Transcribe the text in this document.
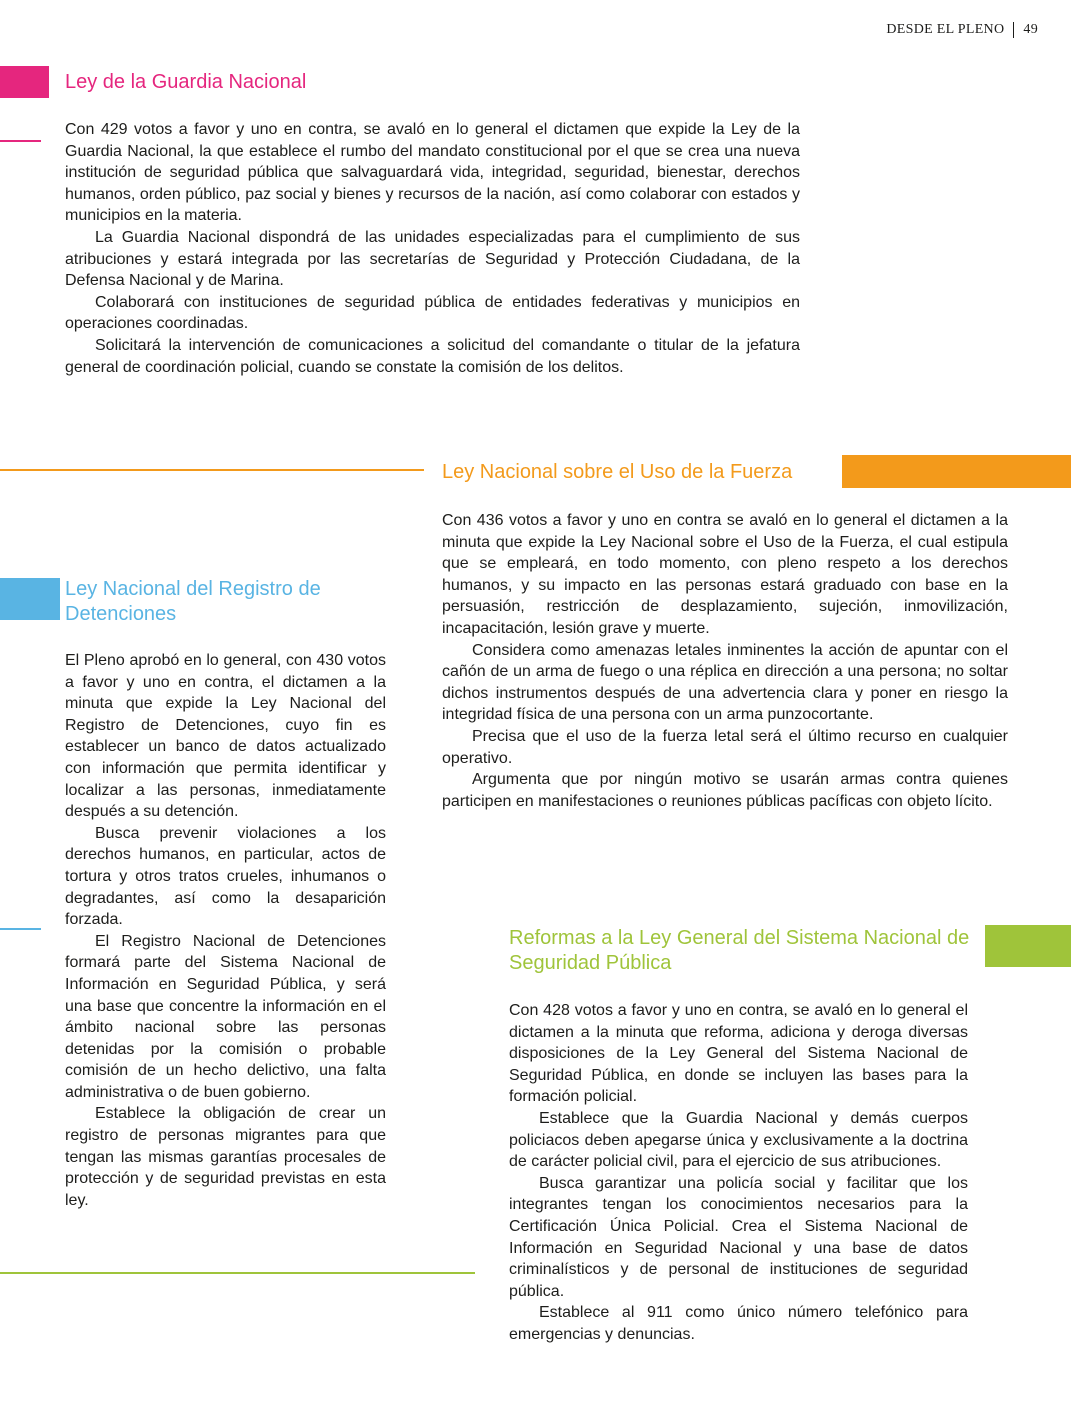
DESDE EL PLENO 49
Ley de la Guardia Nacional

Con 429 votos a favor y uno en contra, se avaló en lo general el dictamen que expide la Ley de la Guardia Nacional, la que establece el rumbo del mandato constitucional por el que se crea una nueva institución de seguridad pública que salvaguardará vida, integridad, seguridad, bienestar, derechos humanos, orden público, paz social y bienes y recursos de la nación, así como colaborar con estados y municipios en la materia.

La Guardia Nacional dispondrá de las unidades especializadas para el cumplimiento de sus atribuciones y estará integrada por las secretarías de Seguridad y Protección Ciudadana, de la Defensa Nacional y de Marina.

Colaborará con instituciones de seguridad pública de entidades federativas y municipios en operaciones coordinadas.

Solicitará la intervención de comunicaciones a solicitud del comandante o titular de la jefatura general de coordinación policial, cuando se constate la comisión de los delitos.

Ley Nacional sobre el Uso de la Fuerza

Con 436 votos a favor y uno en contra se avaló en lo general el dictamen a la minuta que expide la Ley Nacional sobre el Uso de la Fuerza, el cual estipula que se empleará, en todo momento, con pleno respeto a los derechos humanos, y su impacto en las personas estará graduado con base en la persuasión, restricción de desplazamiento, sujeción, inmovilización, incapacitación, lesión grave y muerte.

Considera como amenazas letales inminentes la acción de apuntar con el cañón de un arma de fuego o una réplica en dirección a una persona; no soltar dichos instrumentos después de una advertencia clara y poner en riesgo la integridad física de una persona con un arma punzocortante.

Precisa que el uso de la fuerza letal será el último recurso en cualquier operativo.

Argumenta que por ningún motivo se usarán armas contra quienes participen en manifestaciones o reuniones públicas pacíficas con objeto lícito.

Ley Nacional del Registro de Detenciones

El Pleno aprobó en lo general, con 430 votos a favor y uno en contra, el dictamen a la minuta que expide la Ley Nacional del Registro de Detenciones, cuyo fin es establecer un banco de datos actualizado con información que permita identificar y localizar a las personas, inmediatamente después a su detención.

Busca prevenir violaciones a los derechos humanos, en particular, actos de tortura y otros tratos crueles, inhumanos o degradantes, así como la desaparición forzada.

El Registro Nacional de Detenciones formará parte del Sistema Nacional de Información en Seguridad Pública, y será una base que concentre la información en el ámbito nacional sobre las personas detenidas por la comisión o probable comisión de un hecho delictivo, una falta administrativa o de buen gobierno.

Establece la obligación de crear un registro de personas migrantes para que tengan las mismas garantías procesales de protección y de seguridad previstas en esta ley.

Reformas a la Ley General del Sistema Nacional de Seguridad Pública

Con 428 votos a favor y uno en contra, se avaló en lo general el dictamen a la minuta que reforma, adiciona y deroga diversas disposiciones de la Ley General del Sistema Nacional de Seguridad Pública, en donde se incluyen las bases para la formación policial.

Establece que la Guardia Nacional y demás cuerpos policiacos deben apegarse única y exclusivamente a la doctrina de carácter policial civil, para el ejercicio de sus atribuciones.

Busca garantizar una policía social y facilitar que los integrantes tengan los conocimientos necesarios para la Certificación Única Policial. Crea el Sistema Nacional de Información en Seguridad Nacional y una base de datos criminalísticos y de personal de instituciones de seguridad pública.

Establece al 911 como único número telefónico para emergencias y denuncias.
